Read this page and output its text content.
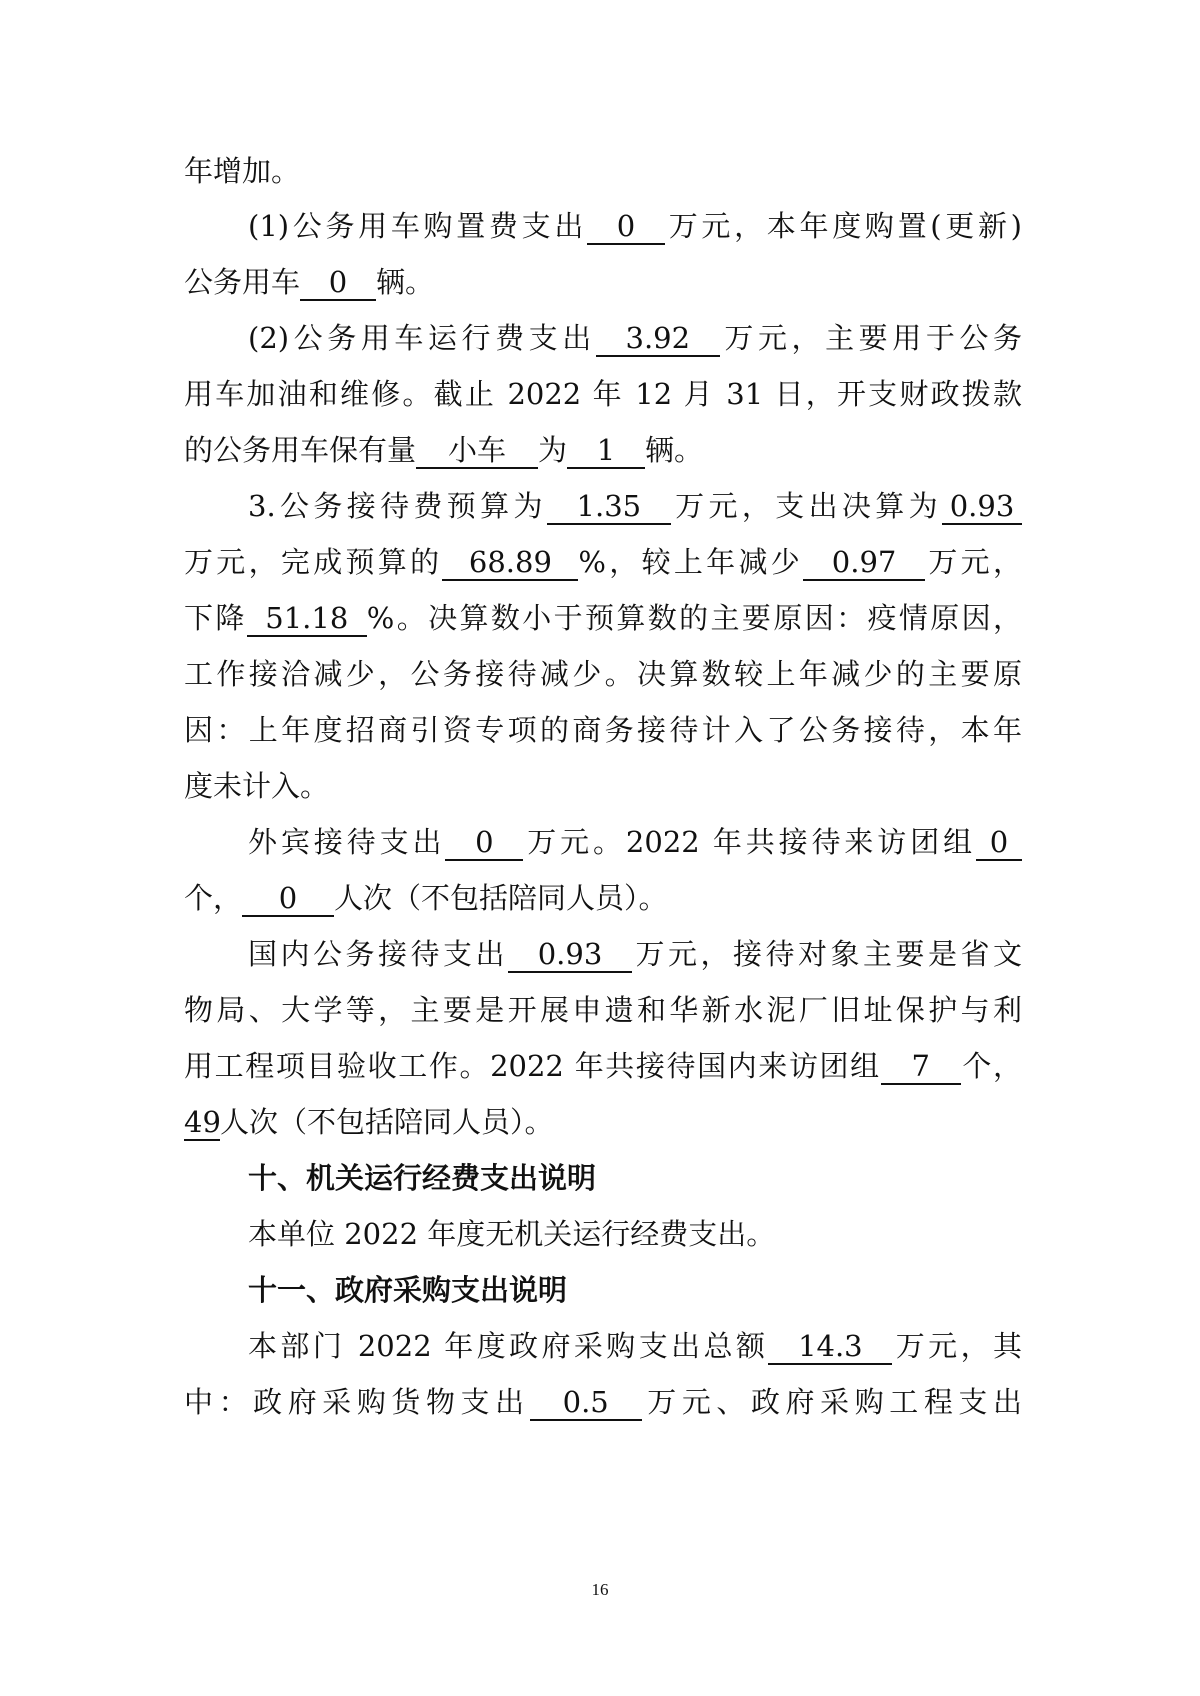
年增加。
(1)公务用车购置费支出 0 万元，本年度购置(更新)
公务用车 0 辆。
(2)公务用车运行费支出 3.92 万元，主要用于公务
用车加油和维修。截止 2022 年 12 月 31 日，开支财政拨款
的公务用车保有量 小车 为 1 辆。
3.公务接待费预算为 1.35 万元，支出决算为 0.93
万元，完成预算的 68.89 %，较上年减少 0.97 万元，
下降 51.18 %。决算数小于预算数的主要原因：疫情原因，
工作接洽减少，公务接待减少。决算数较上年减少的主要原
因：上年度招商引资专项的商务接待计入了公务接待，本年
度未计入。
外宾接待支出 0 万元。2022 年共接待来访团组 0
个， 0 人次（不包括陪同人员）。
国内公务接待支出 0.93 万元，接待对象主要是省文
物局、大学等，主要是开展申遗和华新水泥厂旧址保护与利
用工程项目验收工作。2022 年共接待国内来访团组 7 个，
49人次（不包括陪同人员）。
十、机关运行经费支出说明
本单位 2022 年度无机关运行经费支出。
十一、政府采购支出说明
本部门 2022 年度政府采购支出总额 14.3 万元，其
中：政府采购货物支出 0.5 万元、政府采购工程支出
16
